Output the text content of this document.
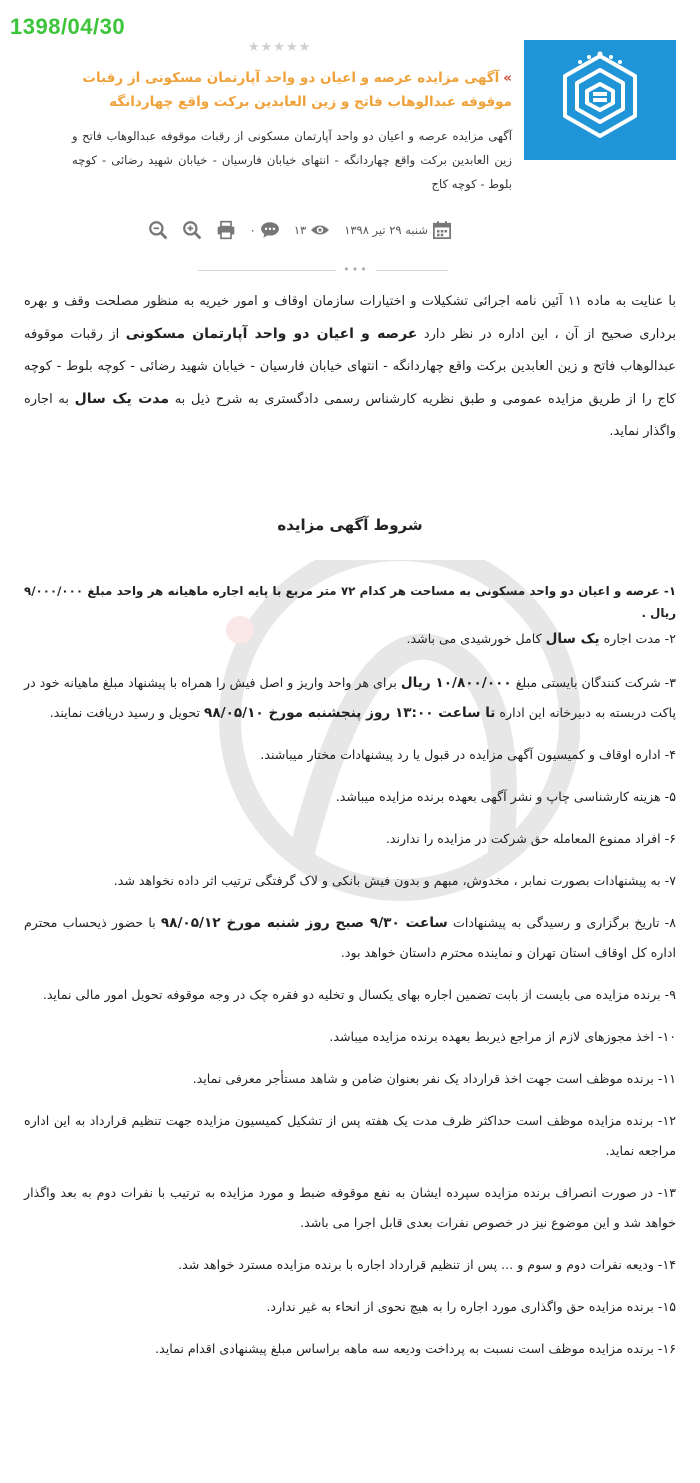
1398/04/30
★★★★★
»آگهی مزایده عرصه و اعیان دو واحد آپارتمان مسکونی از رقبات موقوفه عبدالوهاب فاتح و زین العابدین برکت واقع چهاردانگه
آگهی مزایده عرصه و اعیان دو واحد آپارتمان مسکونی از رقبات موقوفه عبدالوهاب فاتح و زین العابدین برکت واقع چهاردانگه - انتهای خیابان فارسیان - خیابان شهید رضائی - کوچه بلوط - کوچه کاج
شنبه ۲۹ تیر ۱۳۹۸
۱۳
۰
•••
با عنایت به ماده ۱۱ آئین نامه اجرائی تشکیلات و اختیارات سازمان اوقاف و امور خیریه به منظور مصلحت وقف و بهره برداری صحیح از آن ، این اداره در نظر دارد عرصه و اعیان دو واحد آپارتمان مسکونی از رقبات موقوفه عبدالوهاب فاتح و زین العابدین برکت واقع چهاردانگه - انتهای خیابان فارسیان - خیابان شهید رضائی - کوچه بلوط - کوچه کاج را از طریق مزایده عمومی و طبق نظریه کارشناس رسمی دادگستری به شرح ذیل به مدت یک سال به اجاره واگذار نماید.
شروط آگهی مزایده
۱- عرصه و اعیان دو واحد مسکونی به مساحت هر کدام ۷۲ متر مربع با پایه اجاره ماهیانه هر واحد مبلغ ۹/۰۰۰/۰۰۰ ریال .
۲- مدت اجاره یک سال کامل خورشیدی می باشد.
۳- شرکت کنندگان بایستی مبلغ ۱۰/۸۰۰/۰۰۰ ریال برای هر واحد واریز و اصل فیش را همراه با پیشنهاد مبلغ ماهیانه خود در پاکت دربسته به دبیرخانه این اداره تا ساعت ۱۳:۰۰ روز پنجشنبه مورخ ۹۸/۰۵/۱۰ تحویل و رسید دریافت نمایند.
۴- اداره اوقاف و کمیسیون آگهی مزایده در قبول یا رد پیشنهادات مختار میباشند.
۵- هزینه کارشناسی چاپ و نشر آگهی بعهده برنده مزایده میباشد.
۶- افراد ممنوع المعامله حق شرکت در مزایده را ندارند.
۷- به پیشنهادات بصورت نمابر ، مخدوش، مبهم و بدون فیش بانکی و لاک گرفتگی ترتیب اثر داده نخواهد شد.
۸- تاریخ برگزاری و رسیدگی به پیشنهادات ساعت ۹/۳۰ صبح روز شنبه مورخ ۹۸/۰۵/۱۲ با حضور ذیحساب محترم اداره کل اوقاف استان تهران و نماینده محترم داستان خواهد بود.
۹- برنده مزایده می بایست از بابت تضمین اجاره بهای یکسال و تخلیه دو فقره چک در وجه موقوفه تحویل امور مالی نماید.
۱۰- اخذ مجوزهای لازم از مراجع ذیربط بعهده برنده مزایده میباشد.
۱۱- برنده موظف است جهت اخذ قرارداد یک نفر بعنوان ضامن و شاهد مستأجر معرفی نماید.
۱۲- برنده مزایده موظف است حداکثر ظرف مدت یک هفته پس از تشکیل کمیسیون مزایده جهت تنظیم قرارداد به این اداره مراجعه نماید.
۱۳- در صورت انصراف برنده مزایده سپرده ایشان به نفع موقوفه ضبط و مورد مزایده به ترتیب با نفرات دوم به بعد واگذار خواهد شد و این موضوع نیز در خصوص نفرات بعدی قابل اجرا می باشد.
۱۴- ودیعه نفرات دوم و سوم و ... پس از تنظیم قرارداد اجاره با برنده مزایده مسترد خواهد شد.
۱۵- برنده مزایده حق واگذاری مورد اجاره را به هیچ نحوی از انحاء به غیر ندارد.
۱۶- برنده مزایده موظف است نسبت به پرداخت ودیعه سه ماهه براساس مبلغ پیشنهادی اقدام نماید.
